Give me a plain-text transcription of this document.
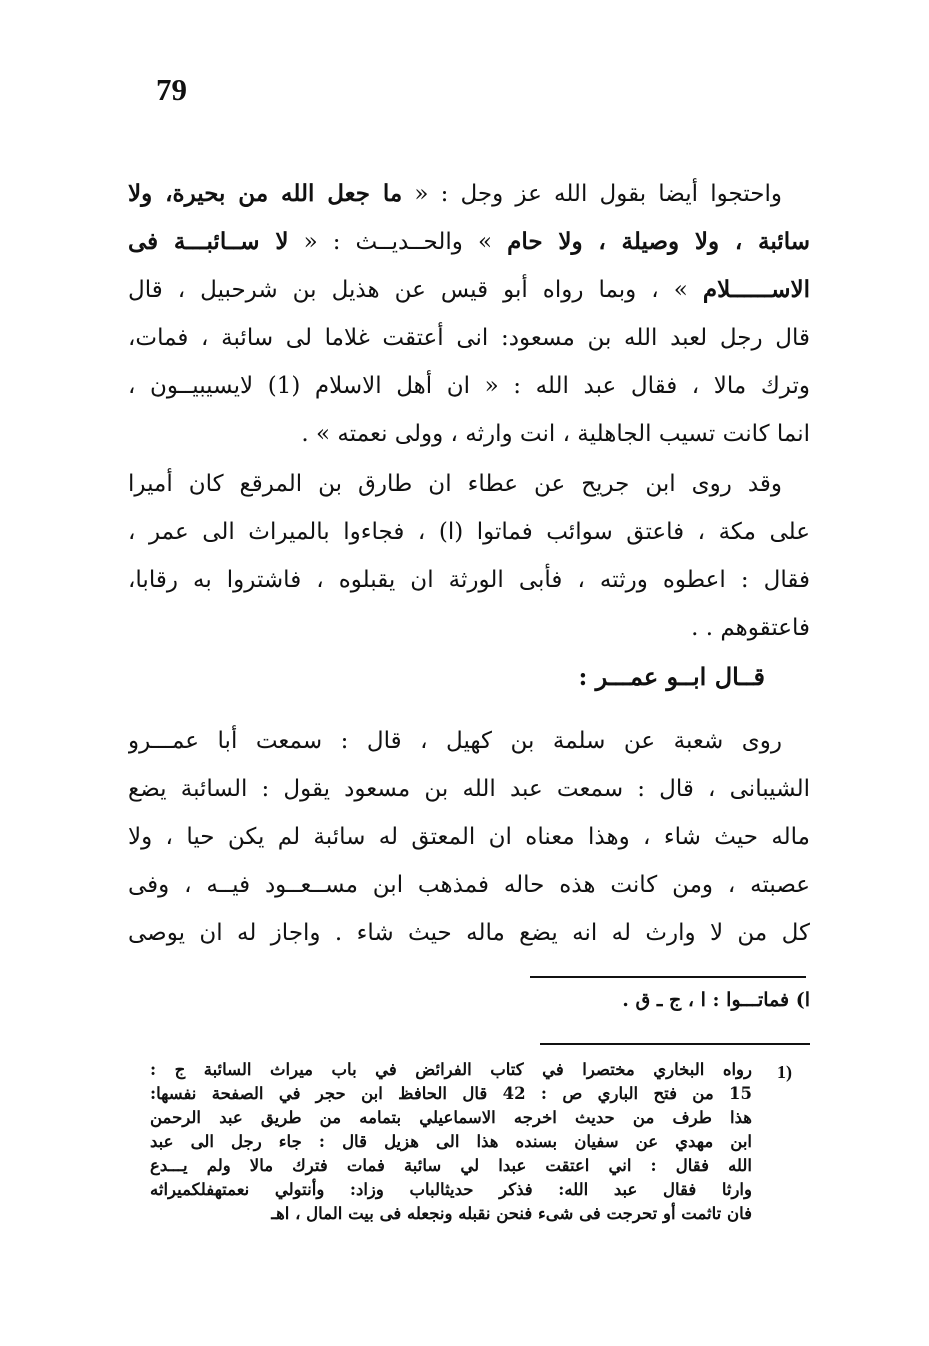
79
واحتجوا أيضا بقول الله عز وجل : « ما جعل الله من بحيرة، ولا
سائبة ، ولا وصيلة ، ولا حام » والحــديــث : « لا ســائبـــة فى
الاســــــلام » ، وبما رواه أبو قيس عن هذيل بن شرحبيل ، قال
قال رجل لعبد الله بن مسعود: انى أعتقت غلاما لى سائبة ، فمات،
وترك مالا ، فقال عبد الله : « ان أهل الاسلام (1) لايسيبيــون ،
انما كانت تسيب الجاهلية ، انت وارثه ، وولى نعمته » .
وقد روى ابن جريح عن عطاء ان طارق بن المرقع كان أميرا
على مكة ، فاعتق سوائب فماتوا (ا) ، فجاءوا بالميراث الى عمر ،
فقال : اعطوه ورثته ، فأبى الورثة ان يقبلوه ، فاشتروا به رقابا،
فاعتقوهم . .
قــال ابــو عمـــر :
روى شعبة عن سلمة بن كهيل ، قال : سمعت أبا عمـــرو
الشيبانى ، قال : سمعت عبد الله بن مسعود يقول : السائبة يضع
ماله حيث شاء ، وهذا معناه ان المعتق له سائبة لم يكن حيا ، ولا
عصبته ، ومن كانت هذه حاله فمذهب ابن مســعــود فيــه ، وفى
كل من لا وارث له انه يضع ماله حيث شاء . واجاز له ان يوصى
ا) فماتـــوا : ا ، ج ـ ق .
1)
رواه البخاري مختصرا في كتاب الفرائض في باب ميراث السائبة ج :
15 من فتح الباري ص : 42 قال الحافظ ابن حجر في الصفحة نفسها:
هذا طرف من حديث اخرجه الاسماعيلي بتمامه من طريق عبد الرحمن
ابن مهدي عن سفيان بسنده هذا الى هزيل قال : جاء رجل الى عبد
الله فقال : اني اعتقت عبدا لي سائبة فمات فترك مالا ولم يـــدع
وارثا فقال عبد الله: فذكر حديثالباب وزاد: وأنتولي نعمتهفلكميراثه
فان تاثمت أو تحرجت فى شىء فنحن نقبله ونجعله فى بيت المال ، اهـ
